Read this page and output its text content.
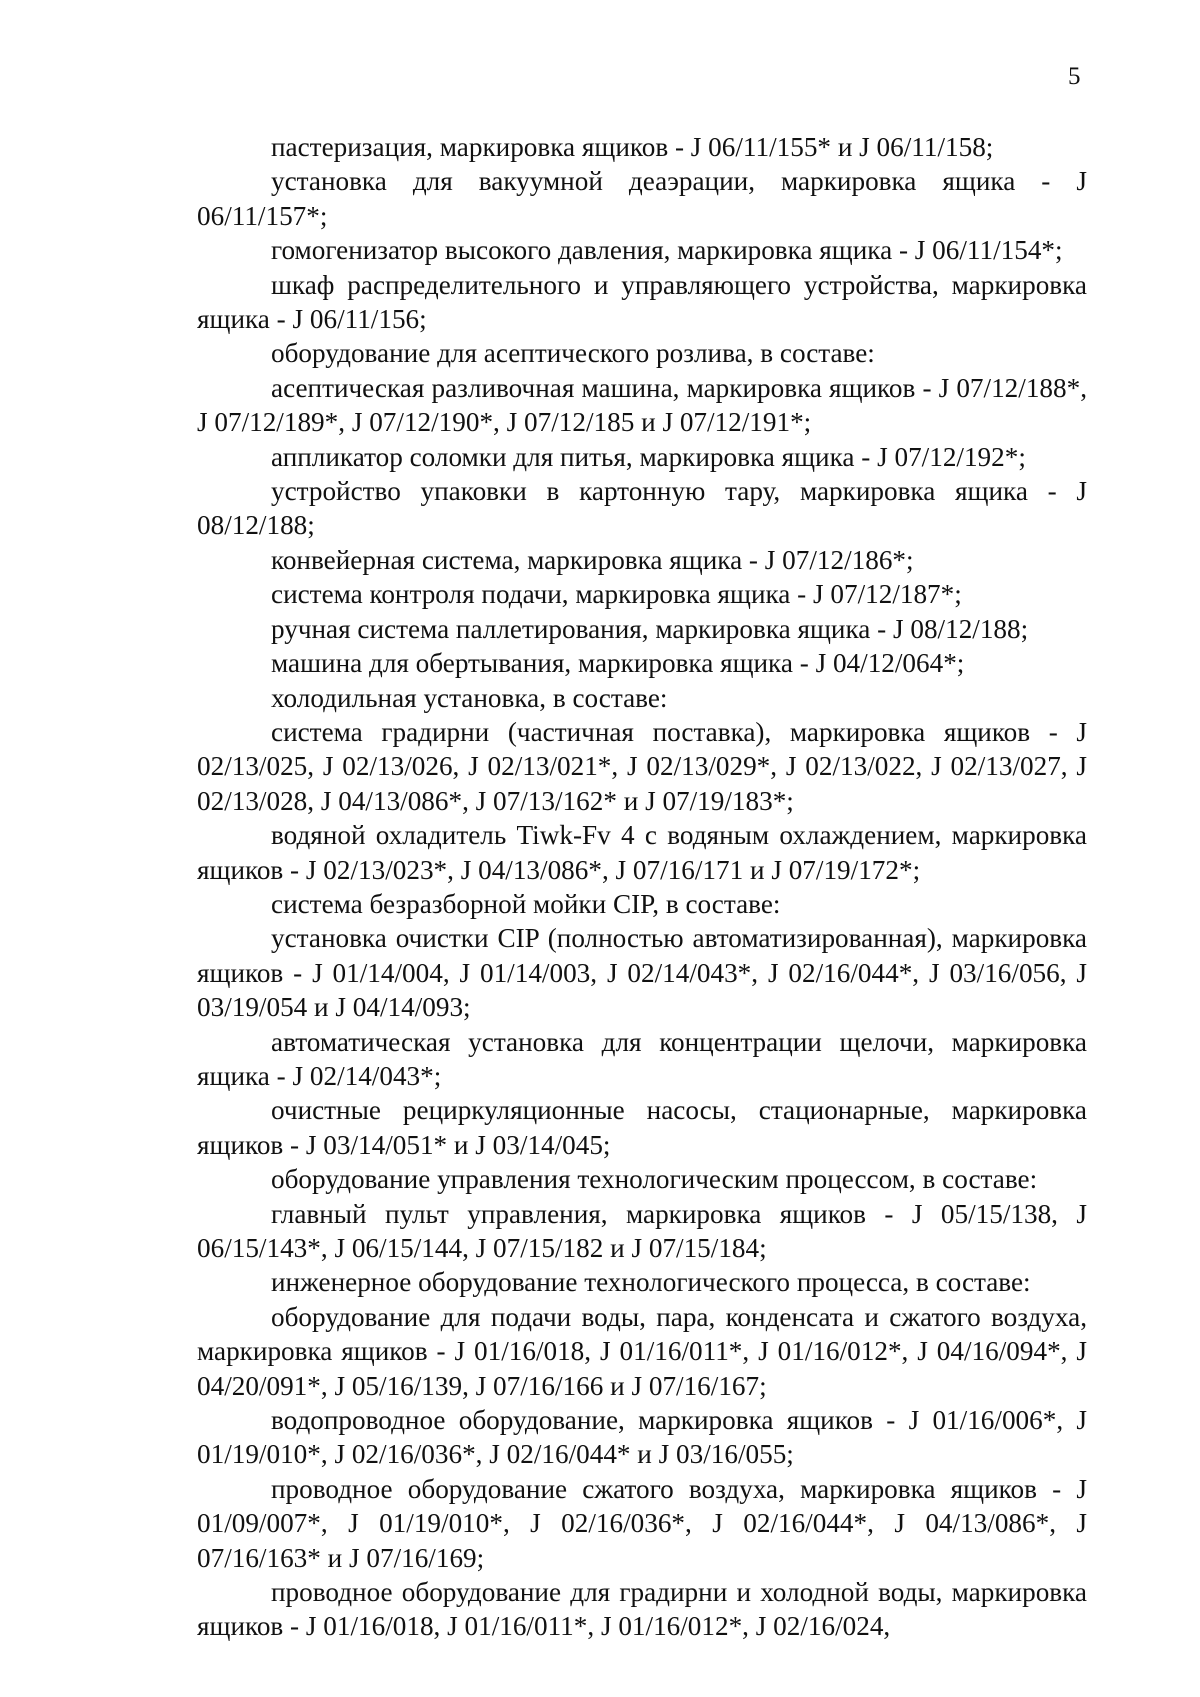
5

пастеризация, маркировка ящиков - J 06/11/155* и J 06/11/158;

установка для вакуумной деаэрации, маркировка ящика - J 06/11/157*;

гомогенизатор высокого давления, маркировка ящика - J 06/11/154*;

шкаф распределительного и управляющего устройства, маркировка ящика - J 06/11/156;

оборудование для асептического розлива, в составе:

асептическая разливочная машина, маркировка ящиков - J 07/12/188*, J 07/12/189*, J 07/12/190*, J 07/12/185 и J 07/12/191*;

аппликатор соломки для питья, маркировка ящика - J 07/12/192*;

устройство упаковки в картонную тару, маркировка ящика - J 08/12/188;

конвейерная система, маркировка ящика - J 07/12/186*;

система контроля подачи, маркировка ящика - J 07/12/187*;

ручная система паллетирования, маркировка ящика - J 08/12/188;

машина для обертывания, маркировка ящика - J 04/12/064*;

холодильная установка, в составе:

система градирни (частичная поставка), маркировка ящиков - J 02/13/025, J 02/13/026, J 02/13/021*, J 02/13/029*, J 02/13/022, J 02/13/027, J 02/13/028, J 04/13/086*, J 07/13/162* и J 07/19/183*;

водяной охладитель Tiwk-Fv 4 с водяным охлаждением, маркировка ящиков - J 02/13/023*, J 04/13/086*, J 07/16/171 и J 07/19/172*;

система безразборной мойки CIP, в составе:

установка очистки CIP (полностью автоматизированная), маркировка ящиков - J 01/14/004, J 01/14/003, J 02/14/043*, J 02/16/044*, J 03/16/056, J 03/19/054 и J 04/14/093;

автоматическая установка для концентрации щелочи, маркировка ящика - J 02/14/043*;

очистные рециркуляционные насосы, стационарные, маркировка ящиков - J 03/14/051* и J 03/14/045;

оборудование управления технологическим процессом, в составе:

главный пульт управления, маркировка ящиков - J 05/15/138, J 06/15/143*, J 06/15/144, J 07/15/182 и J 07/15/184;

инженерное оборудование технологического процесса, в составе:

оборудование для подачи воды, пара, конденсата и сжатого воздуха, маркировка ящиков - J 01/16/018, J 01/16/011*, J 01/16/012*, J 04/16/094*, J 04/20/091*, J 05/16/139, J 07/16/166 и J 07/16/167;

водопроводное оборудование, маркировка ящиков - J 01/16/006*, J 01/19/010*, J 02/16/036*, J 02/16/044* и J 03/16/055;

проводное оборудование сжатого воздуха, маркировка ящиков - J 01/09/007*, J 01/19/010*, J 02/16/036*, J 02/16/044*, J 04/13/086*, J 07/16/163* и J 07/16/169;

проводное оборудование для градирни и холодной воды, маркировка ящиков - J 01/16/018, J 01/16/011*, J 01/16/012*, J 02/16/024,
